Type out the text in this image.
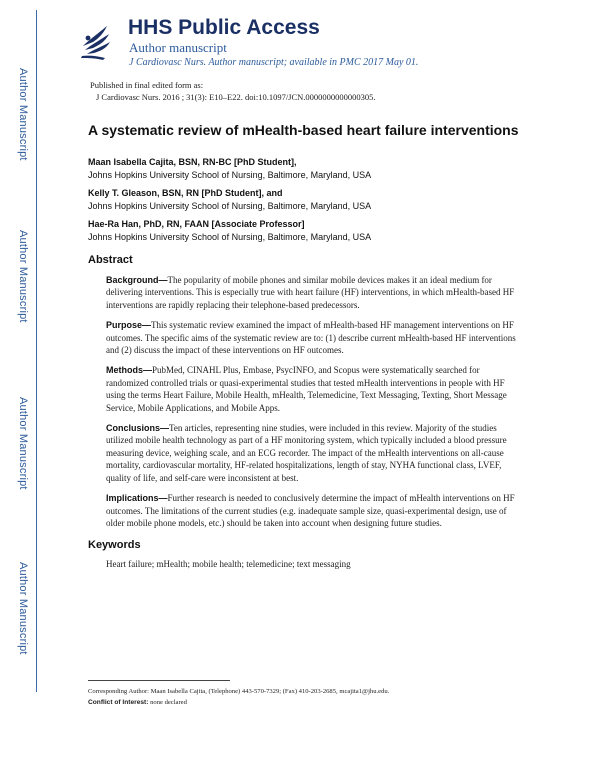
Author Manuscript
Author Manuscript
Author Manuscript
Author Manuscript
HHS Public Access
Author manuscript
J Cardiovasc Nurs. Author manuscript; available in PMC 2017 May 01.
Published in final edited form as:
J Cardiovasc Nurs. 2016 ; 31(3): E10–E22. doi:10.1097/JCN.0000000000000305.
A systematic review of mHealth-based heart failure interventions
Maan Isabella Cajita, BSN, RN-BC [PhD Student],
Johns Hopkins University School of Nursing, Baltimore, Maryland, USA
Kelly T. Gleason, BSN, RN [PhD Student], and
Johns Hopkins University School of Nursing, Baltimore, Maryland, USA
Hae-Ra Han, PhD, RN, FAAN [Associate Professor]
Johns Hopkins University School of Nursing, Baltimore, Maryland, USA
Abstract

Background—The popularity of mobile phones and similar mobile devices makes it an ideal medium for delivering interventions. This is especially true with heart failure (HF) interventions, in which mHealth-based HF interventions are rapidly replacing their telephone-based predecessors.

Purpose—This systematic review examined the impact of mHealth-based HF management interventions on HF outcomes. The specific aims of the systematic review are to: (1) describe current mHealth-based HF interventions and (2) discuss the impact of these interventions on HF outcomes.

Methods—PubMed, CINAHL Plus, Embase, PsycINFO, and Scopus were systematically searched for randomized controlled trials or quasi-experimental studies that tested mHealth interventions in people with HF using the terms Heart Failure, Mobile Health, mHealth, Telemedicine, Text Messaging, Texting, Short Message Service, Mobile Applications, and Mobile Apps.

Conclusions—Ten articles, representing nine studies, were included in this review. Majority of the studies utilized mobile health technology as part of a HF monitoring system, which typically included a blood pressure measuring device, weighing scale, and an ECG recorder. The impact of the mHealth interventions on all-cause mortality, cardiovascular mortality, HF-related hospitalizations, length of stay, NYHA functional class, LVEF, quality of life, and self-care were inconsistent at best.

Implications—Further research is needed to conclusively determine the impact of mHealth interventions on HF outcomes. The limitations of the current studies (e.g. inadequate sample size, quasi-experimental design, use of older mobile phone models, etc.) should be taken into account when designing future studies.

Keywords
Heart failure; mHealth; mobile health; telemedicine; text messaging
Corresponding Author: Maan Isabella Cajita, (Telephone) 443-570-7329; (Fax) 410-203-2685, mcajita1@jhu.edu.
Conflict of Interest: none declared
